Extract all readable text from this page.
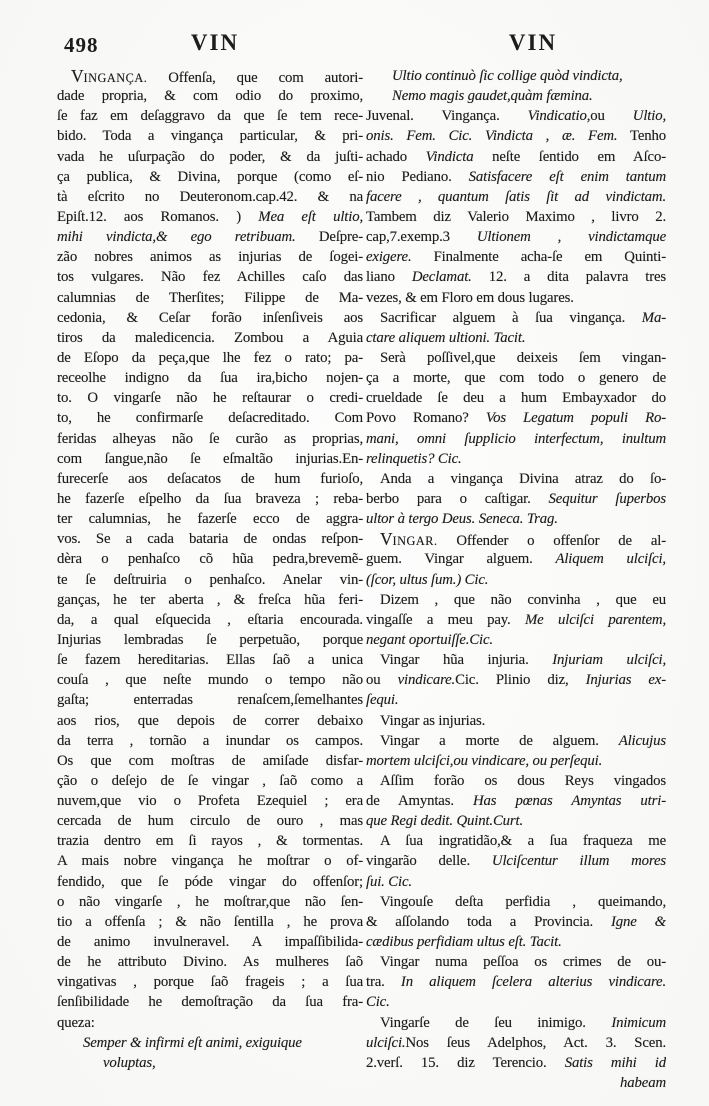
498	VIN	VIN
VINGANÇA. Offenſa, que com autori-
dade propria, & com odio do proximo,
ſe faz em deſaggravo da que ſe tem rece-
bido. Toda a vingança particular, & pri-
vada he uſurpação do poder, & da juſti-
ça publica, & Divina, porque (como eſ-
tà eſcrito no Deuteronom.cap.42. & na
Epiſt.12. aos Romanos. ) Mea eſt ultio,
mihi vindicta,& ego retribuam. Deſpre-
zão nobres animos as injurias de ſogei-
tos vulgares. Não fez Achilles caſo das
calumnias de Therſites; Filippe de Ma-
cedonia, & Ceſar forão inſenſiveis aos
tiros da maledicencia. Zombou a Aguia
de Eſopo da peça,que lhe fez o rato; pa-
receolhe indigno da ſua ira,bicho nojen-
to. O vingarſe não he reſtaurar o credi-
to, he confirmarſe deſacreditado. Com
feridas alheyas não ſe curão as proprias,
com ſangue,não ſe eſmaltão injurias.En-
furecerſe aos deſacatos de hum furioſo,
he fazerſe eſpelho da ſua braveza ; reba-
ter calumnias, he fazerſe ecco de aggra-
vos. Se a cada bataria de ondas reſpon-
dèra o penhaſco cõ hũa pedra,brevemẽ-
te ſe deſtruiria o penhaſco. Anelar vin-
ganças, he ter aberta , & freſca hũa feri-
da, a qual eſquecida , eſtaria encourada.
Injurias lembradas ſe perpetuão, porque
ſe fazem hereditarias. Ellas ſaõ a unica
couſa , que neſte mundo o tempo não
gaſta; enterradas renaſcem,ſemelhantes
aos rios, que depois de correr debaixo
da terra , tornão a inundar os campos.
Os que com moſtras de amiſade disfar-
ção o deſejo de ſe vingar , ſaõ como a
nuvem,que vio o Profeta Ezequiel ; era
cercada de hum circulo de ouro , mas
trazia dentro em ſi rayos , & tormentas.
A mais nobre vingança he moſtrar o of-
fendido, que ſe póde vingar do offenſor;
o não vingarſe , he moſtrar,que não ſen-
tio a offenſa ; & não ſentilla , he prova
de animo invulneravel. A impaſſibilida-
de he attributo Divino. As mulheres ſaõ
vingativas , porque ſaõ frageis ; a ſua
ſenſibilidade he demoſtração da ſua fra-
queza:
Semper & infirmi eſt animi, exiguique
voluptas,
Ultio continuò ſic collige quòd vindicta,
Nemo magis gaudet,quàm fæmina.
Juvenal. Vingança. Vindicatio,ou Ultio,
onis. Fem. Cic. Vindicta , æ. Fem. Tenho
achado Vindicta neſte ſentido em Aſco-
nio Pediano. Satisfacere eſt enim tantum
facere , quantum ſatis ſit ad vindictam.
Tambem diz Valerio Maximo , livro 2.
cap,7.exemp.3 Ultionem , vindictamque
exigere. Finalmente acha-ſe em Quinti-
liano Declamat. 12. a dita palavra tres
vezes, & em Floro em dous lugares.
Sacrificar alguem à ſua vingança. Ma-
ctare aliquem ultioni. Tacit.
Serà poſſivel,que deixeis ſem vingan-
ça a morte, que com todo o genero de
crueldade ſe deu a hum Embayxador do
Povo Romano? Vos Legatum populi Ro-
mani, omni ſupplicio interfectum, inultum
relinquetis? Cic.
Anda a vingança Divina atraz do ſo-
berbo para o caſtigar. Sequitur ſuperbos
ultor à tergo Deus. Seneca. Trag.
VINGAR. Offender o offenſor de al-
guem. Vingar alguem. Aliquem ulciſci,
(ſcor, ultus ſum.) Cic.
Dizem , que não convinha , que eu
vingaſſe a meu pay. Me ulciſci parentem,
negant oportuiſſe.Cic.
Vingar hũa injuria. Injuriam ulciſci,
ou vindicare.Cic. Plinio diz, Injurias ex-
ſequi.
Vingar as injurias.
Vingar a morte de alguem. Alicujus
mortem ulciſci,ou vindicare, ou perſequi.
Aſſim forão os dous Reys vingados
de Amyntas. Has pœnas Amyntas utri-
que Regi dedit. Quint.Curt.
A ſua ingratidão,& a ſua fraqueza me
vingarão delle. Ulciſcentur illum mores
ſui. Cic.
Vingouſe deſta perfidia , queimando,
& aſſolando toda a Provincia. Igne &
cædibus perfidiam ultus eſt. Tacit.
Vingar numa peſſoa os crimes de ou-
tra. In aliquem ſcelera alterius vindicare.
Cic.
Vingarſe de ſeu inimigo. Inimicum
ulciſci.Nos ſeus Adelphos, Act. 3. Scen.
2.verſ. 15. diz Terencio. Satis mihi id
habeam
